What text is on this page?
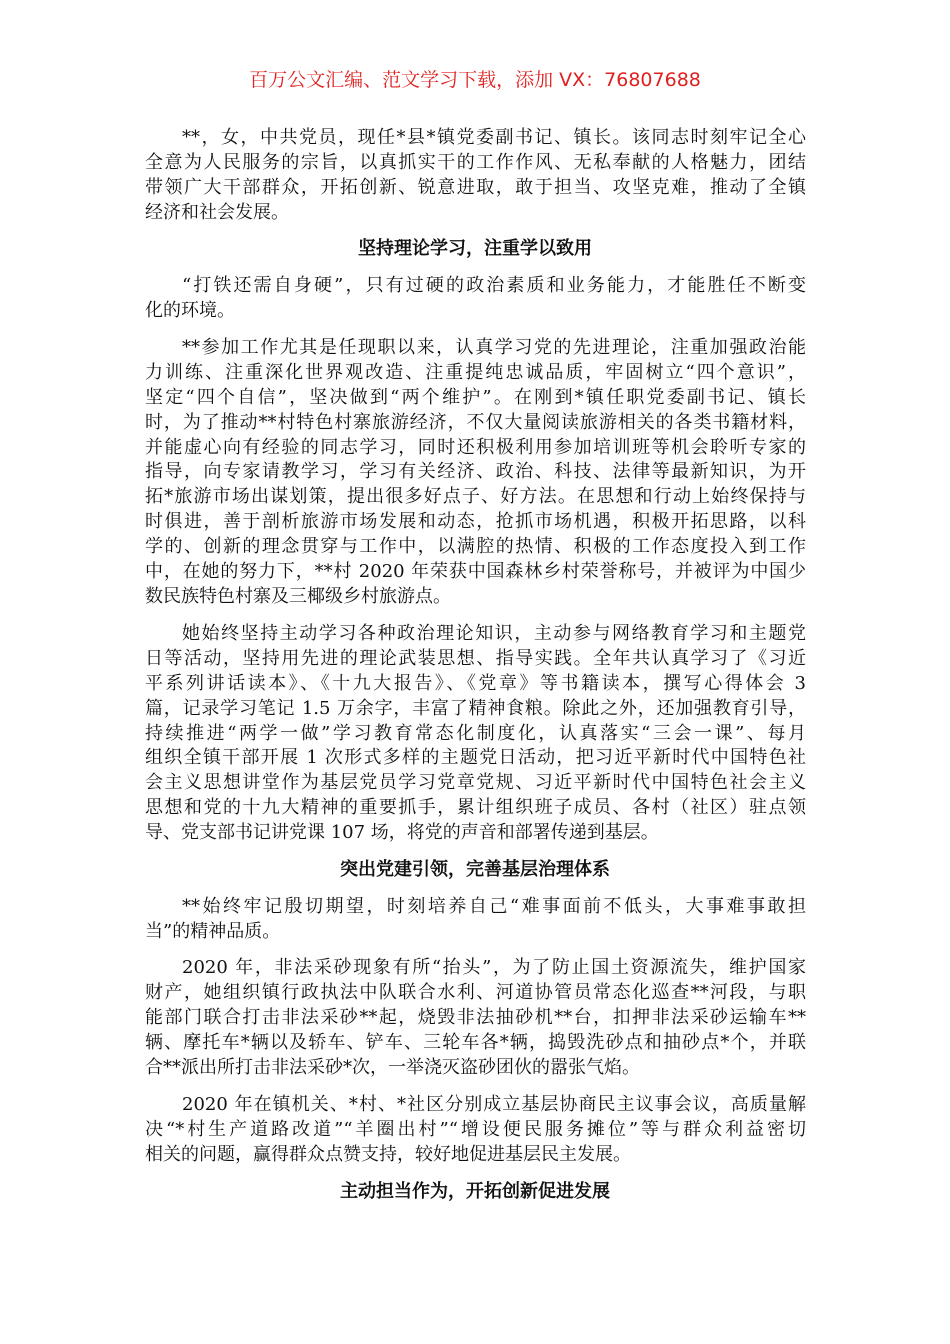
百万公文汇编、范文学习下载，添加 VX：76807688
**，女，中共党员，现任*县*镇党委副书记、镇长。该同志时刻牢记全心
全意为人民服务的宗旨，以真抓实干的工作作风、无私奉献的人格魅力，团结
带领广大干部群众，开拓创新、锐意进取，敢于担当、攻坚克难，推动了全镇
经济和社会发展。
坚持理论学习，注重学以致用
“打铁还需自身硬”，只有过硬的政治素质和业务能力，才能胜任不断变
化的环境。
**参加工作尤其是任现职以来，认真学习党的先进理论，注重加强政治能
力训练、注重深化世界观改造、注重提纯忠诚品质，牢固树立“四个意识”，
坚定“四个自信”，坚决做到“两个维护”。在刚到*镇任职党委副书记、镇长
时，为了推动**村特色村寨旅游经济，不仅大量阅读旅游相关的各类书籍材料，
并能虚心向有经验的同志学习，同时还积极利用参加培训班等机会聆听专家的
指导，向专家请教学习，学习有关经济、政治、科技、法律等最新知识，为开
拓*旅游市场出谋划策，提出很多好点子、好方法。在思想和行动上始终保持与
时俱进，善于剖析旅游市场发展和动态，抢抓市场机遇，积极开拓思路，以科
学的、创新的理念贯穿与工作中，以满腔的热情、积极的工作态度投入到工作
中，在她的努力下，**村 2020 年荣获中国森林乡村荣誉称号，并被评为中国少
数民族特色村寨及三椰级乡村旅游点。
她始终坚持主动学习各种政治理论知识，主动参与网络教育学习和主题党
日等活动，坚持用先进的理论武装思想、指导实践。全年共认真学习了《习近
平系列讲话读本》、《十九大报告》、《党章》等书籍读本，撰写心得体会 3
篇，记录学习笔记 1.5 万余字，丰富了精神食粮。除此之外，还加强教育引导，
持续推进“两学一做”学习教育常态化制度化，认真落实“三会一课”、每月
组织全镇干部开展 1 次形式多样的主题党日活动，把习近平新时代中国特色社
会主义思想讲堂作为基层党员学习党章党规、习近平新时代中国特色社会主义
思想和党的十九大精神的重要抓手，累计组织班子成员、各村（社区）驻点领
导、党支部书记讲党课 107 场，将党的声音和部署传递到基层。
突出党建引领，完善基层治理体系
**始终牢记殷切期望，时刻培养自己“难事面前不低头，大事难事敢担
当”的精神品质。
2020 年，非法采砂现象有所“抬头”，为了防止国土资源流失，维护国家
财产，她组织镇行政执法中队联合水利、河道协管员常态化巡查**河段，与职
能部门联合打击非法采砂**起，烧毁非法抽砂机**台，扣押非法采砂运输车**
辆、摩托车*辆以及轿车、铲车、三轮车各*辆，捣毁洗砂点和抽砂点*个，并联
合**派出所打击非法采砂*次，一举浇灭盗砂团伙的嚣张气焰。
2020 年在镇机关、*村、*社区分别成立基层协商民主议事会议，高质量解
决“*村生产道路改道”“羊圈出村”“增设便民服务摊位”等与群众利益密切
相关的问题，赢得群众点赞支持，较好地促进基层民主发展。
主动担当作为，开拓创新促进发展
